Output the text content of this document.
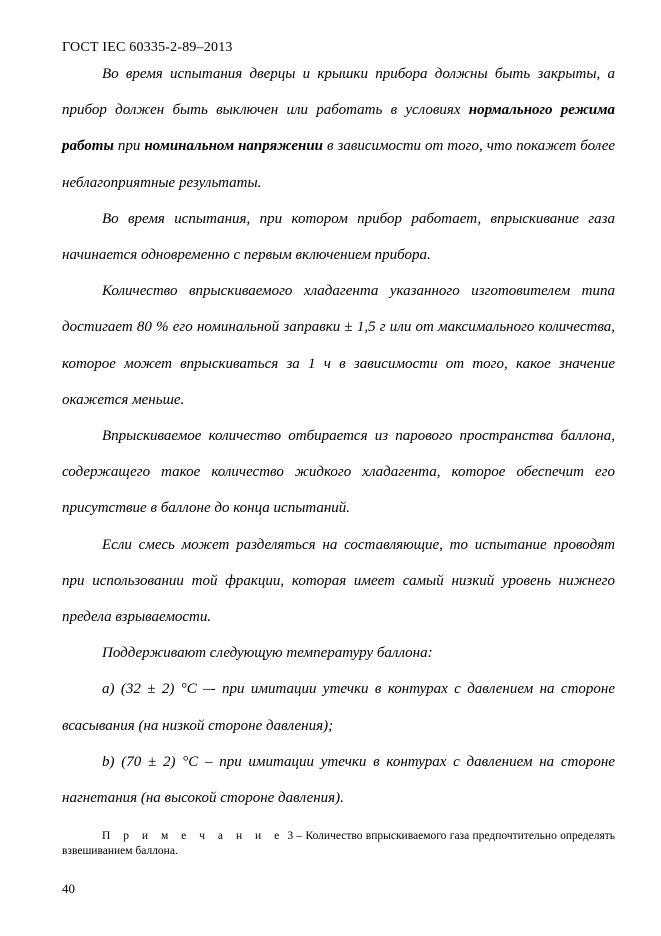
ГОСТ IEC 60335-2-89–2013

Во время испытания дверцы и крышки прибора должны быть закрыты, а прибор должен быть выключен или работать в условиях нормального режима работы при номинальном напряжении в зависимости от того, что покажет более неблагоприятные результаты.

Во время испытания, при котором прибор работает, впрыскивание газа начинается одновременно с первым включением прибора.

Количество впрыскиваемого хладагента указанного изготовителем типа достигает 80 % его номинальной заправки ± 1,5 г или от максимального количества, которое может впрыскиваться за 1 ч в зависимости от того, какое значение окажется меньше.

Впрыскиваемое количество отбирается из парового пространства баллона, содержащего такое количество жидкого хладагента, которое обеспечит его присутствие в баллоне до конца испытаний.

Если смесь может разделяться на составляющие, то испытание проводят при использовании той фракции, которая имеет самый низкий уровень нижнего предела взрываемости.

Поддерживают следующую температуру баллона:

a) (32 ± 2) °С –- при имитации утечки в контурах с давлением на стороне всасывания (на низкой стороне давления);

b) (70 ± 2) °С – при имитации утечки в контурах с давлением на стороне нагнетания (на высокой стороне давления).

П р и м е ч а н и е 3 – Количество впрыскиваемого газа предпочтительно определять взвешиванием баллона.
40
